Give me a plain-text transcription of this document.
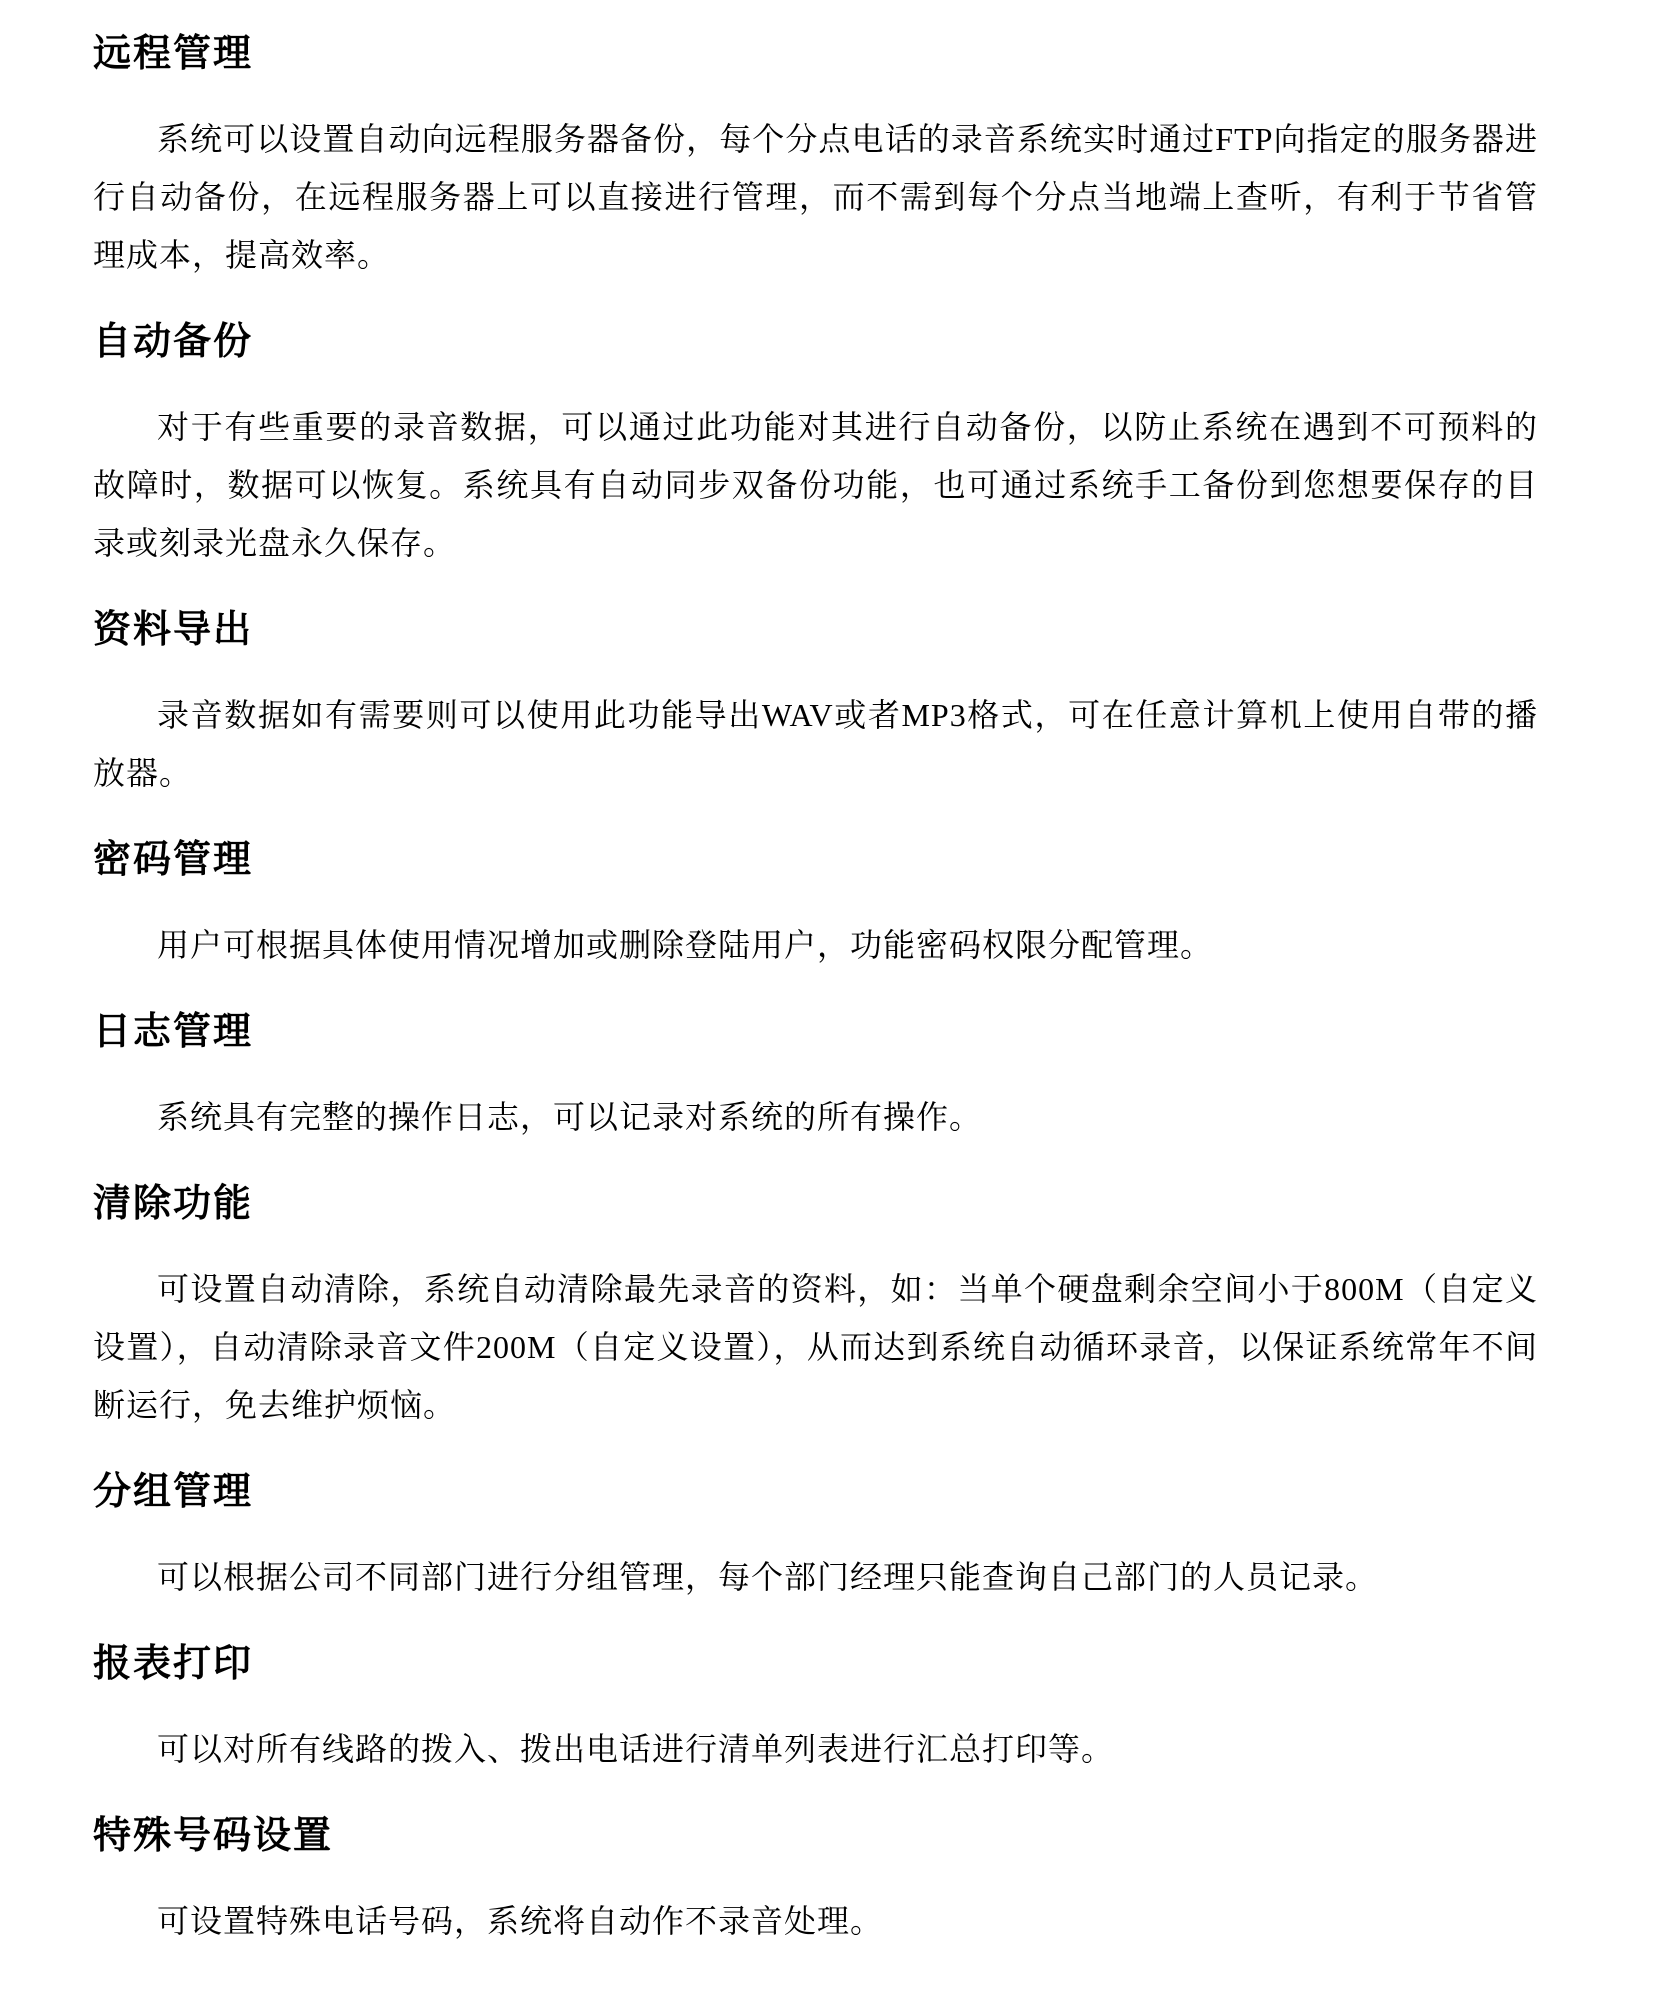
远程管理

系统可以设置自动向远程服务器备份，每个分点电话的录音系统实时通过FTP向指定的服务器进行自动备份，在远程服务器上可以直接进行管理，而不需到每个分点当地端上查听，有利于节省管理成本，提高效率。

自动备份

对于有些重要的录音数据，可以通过此功能对其进行自动备份，以防止系统在遇到不可预料的故障时，数据可以恢复。系统具有自动同步双备份功能，也可通过系统手工备份到您想要保存的目录或刻录光盘永久保存。

资料导出

录音数据如有需要则可以使用此功能导出WAV或者MP3格式，可在任意计算机上使用自带的播放器。

密码管理

用户可根据具体使用情况增加或删除登陆用户，功能密码权限分配管理。

日志管理

系统具有完整的操作日志，可以记录对系统的所有操作。

清除功能

可设置自动清除，系统自动清除最先录音的资料，如：当单个硬盘剩余空间小于800M（自定义设置），自动清除录音文件200M（自定义设置），从而达到系统自动循环录音，以保证系统常年不间断运行，免去维护烦恼。

分组管理

可以根据公司不同部门进行分组管理，每个部门经理只能查询自己部门的人员记录。

报表打印

可以对所有线路的拨入、拨出电话进行清单列表进行汇总打印等。

特殊号码设置

可设置特殊电话号码，系统将自动作不录音处理。
